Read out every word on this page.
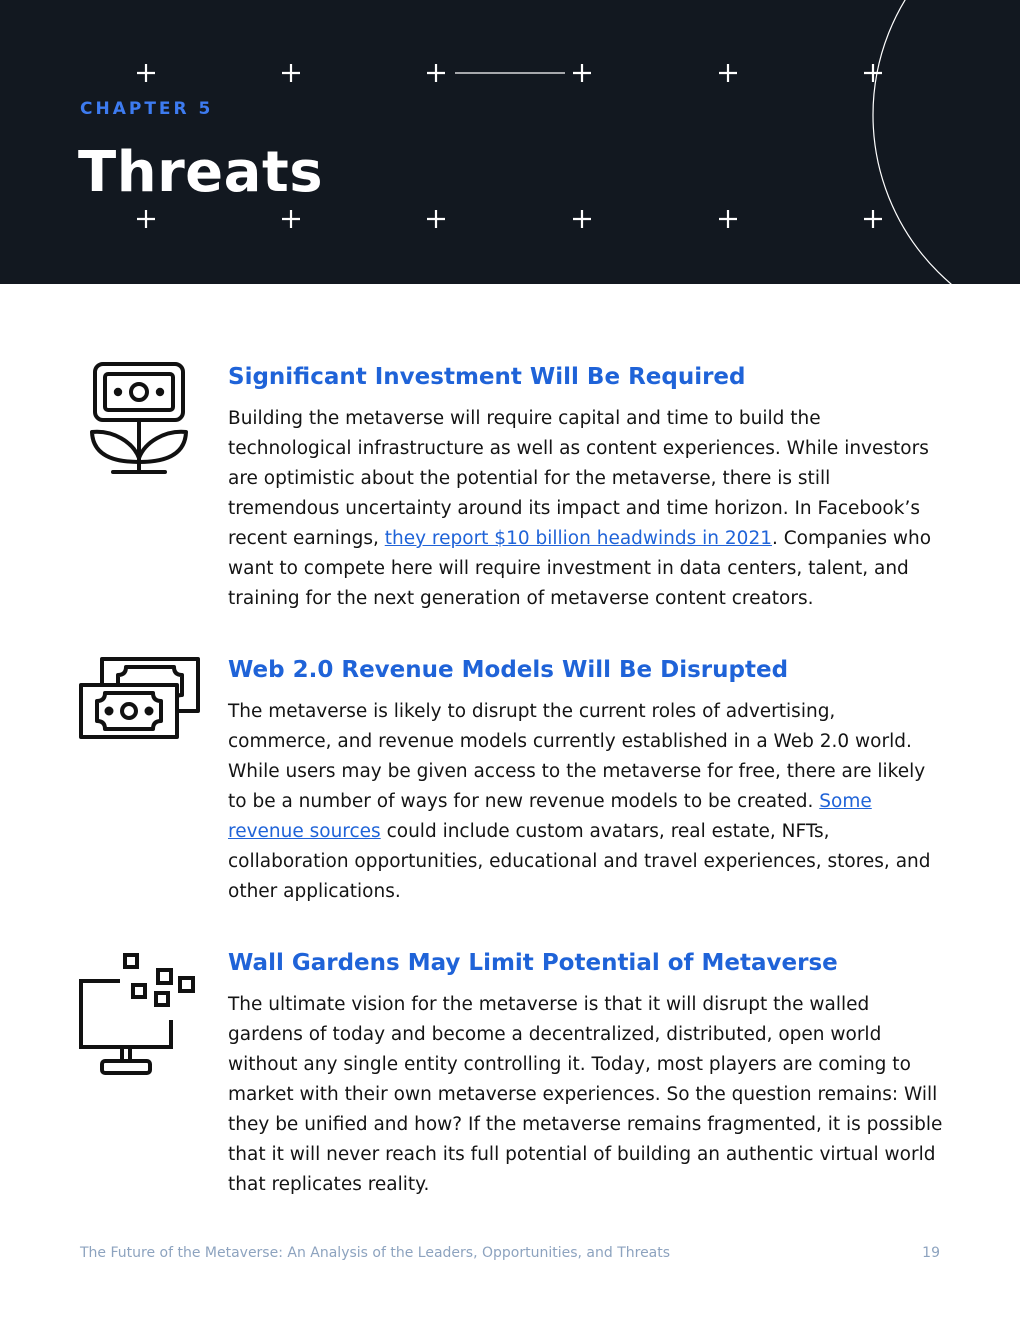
CHAPTER 5
Threats
Significant Investment Will Be Required

Building the metaverse will require capital and time to build the technological infrastructure as well as content experiences. While investors are optimistic about the potential for the metaverse, there is still tremendous uncertainty around its impact and time horizon. In Facebook’s recent earnings, they report $10 billion headwinds in 2021. Companies who want to compete here will require investment in data centers, talent, and training for the next generation of metaverse content creators.

Web 2.0 Revenue Models Will Be Disrupted

The metaverse is likely to disrupt the current roles of advertising, commerce, and revenue models currently established in a Web 2.0 world. While users may be given access to the metaverse for free, there are likely to be a number of ways for new revenue models to be created. Some revenue sources could include custom avatars, real estate, NFTs, collaboration opportunities, educational and travel experiences, stores, and other applications.

Wall Gardens May Limit Potential of Metaverse

The ultimate vision for the metaverse is that it will disrupt the walled gardens of today and become a decentralized, distributed, open world without any single entity controlling it. Today, most players are coming to market with their own metaverse experiences. So the question remains: Will they be unified and how? If the metaverse remains fragmented, it is possible that it will never reach its full potential of building an authentic virtual world that replicates reality.

The Future of the Metaverse: An Analysis of the Leaders, Opportunities, and Threats	19
